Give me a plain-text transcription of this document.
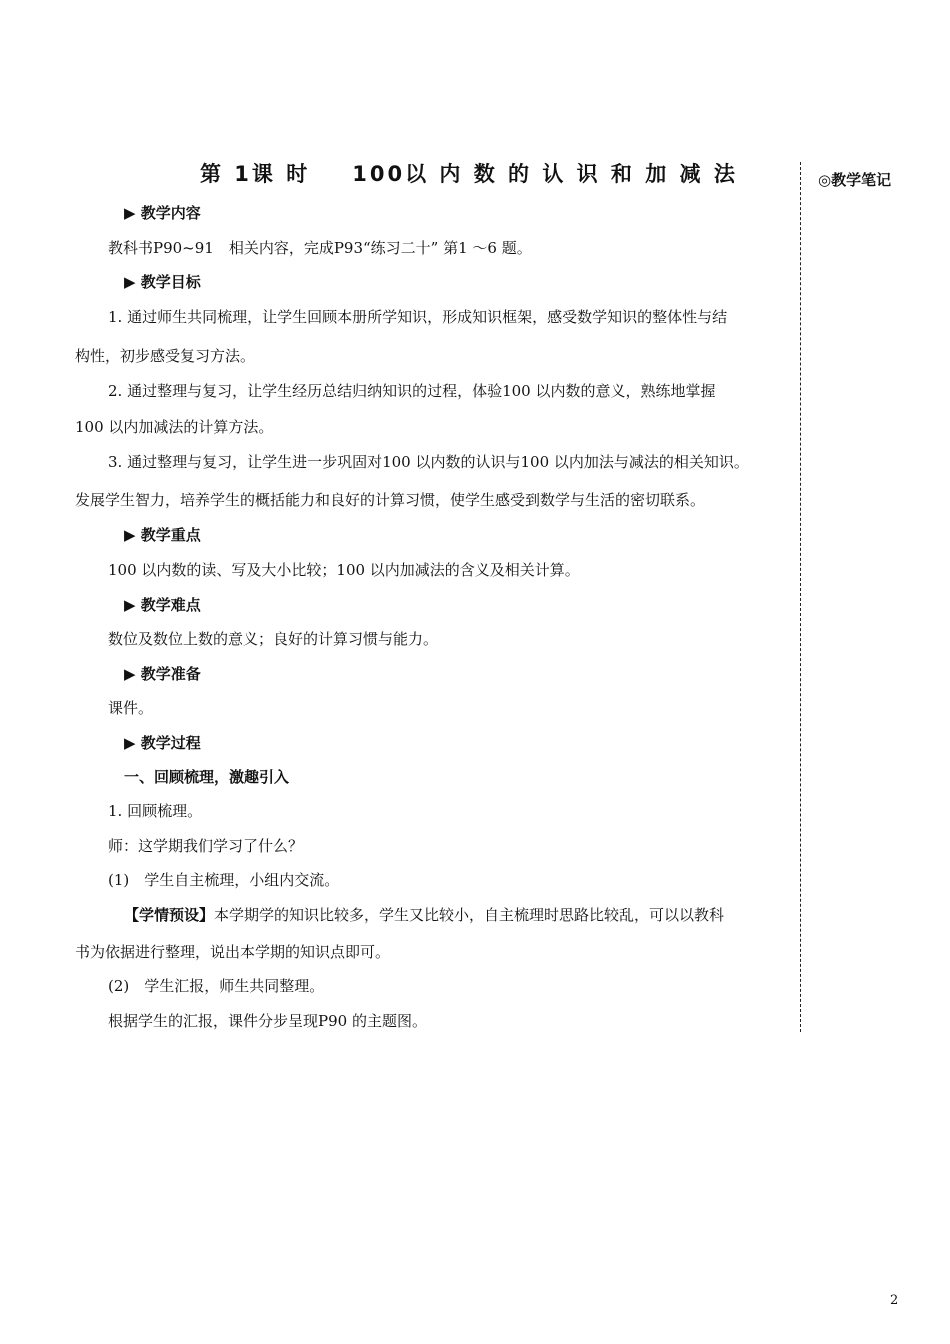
第 1课 时 100以 内 数 的 认 识 和 加 减 法	◎教学笔记
▶ 教学内容
教科书P90~91　相关内容，完成P93“练习二十” 第1 ～6 题。
▶ 教学目标
1. 通过师生共同梳理，让学生回顾本册所学知识，形成知识框架，感受数学知识的整体性与结
构性，初步感受复习方法。
2. 通过整理与复习，让学生经历总结归纳知识的过程，体验100 以内数的意义，熟练地掌握
100 以内加减法的计算方法。
3. 通过整理与复习，让学生进一步巩固对100 以内数的认识与100 以内加法与减法的相关知识。
发展学生智力，培养学生的概括能力和良好的计算习惯，使学生感受到数学与生活的密切联系。
▶ 教学重点
100 以内数的读、写及大小比较；100 以内加减法的含义及相关计算。
▶ 教学难点
数位及数位上数的意义；良好的计算习惯与能力。
▶ 教学准备
课件。
▶ 教学过程
一、回顾梳理，激趣引入
1. 回顾梳理。
师：这学期我们学习了什么？
(1)　学生自主梳理，小组内交流。
【学情预设】本学期学的知识比较多，学生又比较小，自主梳理时思路比较乱，可以以教科
书为依据进行整理，说出本学期的知识点即可。
(2)　学生汇报，师生共同整理。
根据学生的汇报，课件分步呈现P90 的主题图。
2
